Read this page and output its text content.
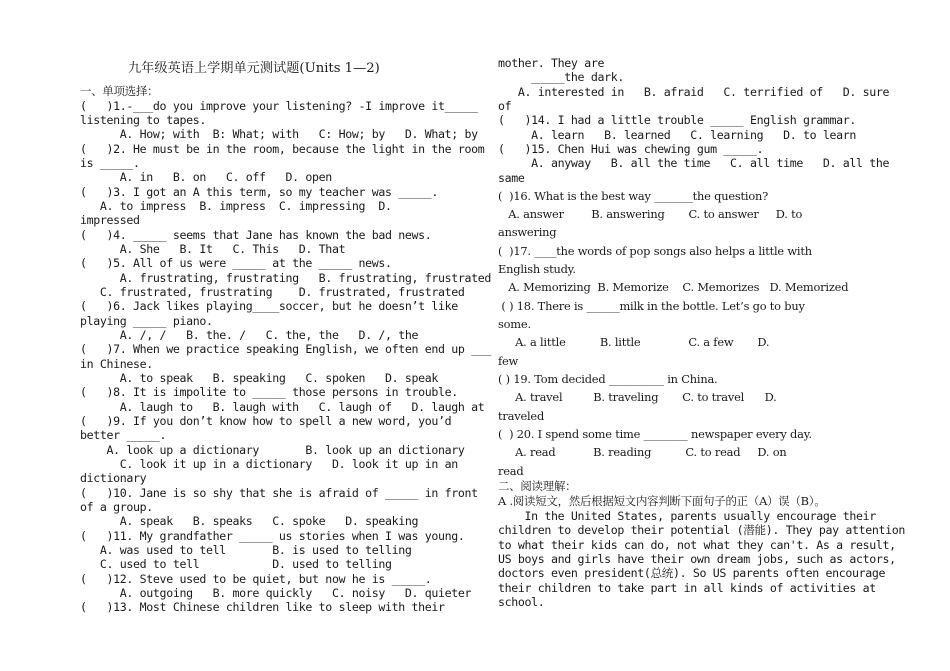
九年级英语上学期单元测试题(Units 1—2)
一、单项选择：
(   )1.-___do you improve your listening? -I improve it_____
listening to tapes.
A. How; with  B: What; with   C: How; by   D. What; by
(   )2. He must be in the room, because the light in the room
is _____.
A. in   B. on   C. off   D. open
(   )3. I got an A this term, so my teacher was _____.
A. to impress  B. impress  C. impressing  D.
impressed
(   )4. _____ seems that Jane has known the bad news.
A. She   B. It   C. This   D. That
(   )5. All of us were _____ at the _____ news.
A. frustrating, frustrating   B. frustrating, frustrated
C. frustrated, frustrating    D. frustrated, frustrated
(   )6. Jack likes playing____soccer, but he doesn’t like
playing _____ piano.
A. /, /   B. the. /   C. the, the   D. /, the
(   )7. When we practice speaking English, we often end up ___
in Chinese.
A. to speak   B. speaking   C. spoken   D. speak
(   )8. It is impolite to _____ those persons in trouble.
A. laugh to   B. laugh with   C. laugh of   D. laugh at
(   )9. If you don’t know how to spell a new word, you’d
better _____.
A. look up a dictionary       B. look up an dictionary
C. look it up in a dictionary   D. look it up in an
dictionary
(   )10. Jane is so shy that she is afraid of _____ in front
of a group.
A. speak   B. speaks   C. spoke   D. speaking
(   )11. My grandfather _____ us stories when I was young.
A. was used to tell       B. is used to telling
C. used to tell           D. used to telling
(   )12. Steve used to be quiet, but now he is _____.
A. outgoing   B. more quickly   C. noisy   D. quieter
(   )13. Most Chinese children like to sleep with their
mother. They are
_____the dark.
A. interested in   B. afraid   C. terrified of   D. sure
of
(   )14. I had a little trouble _____ English grammar.
A. learn   B. learned   C. learning   D. to learn
(   )15. Chen Hui was chewing gum _____.
A. anyway   B. all the time   C. all time   D. all the
same
(  )16. What is the best way _______the question?
A. answer        B. answering       C. to answer     D. to
answering
(  )17. ____the words of pop songs also helps a little with
English study.
A. Memorizing  B. Memorize    C. Memorizes   D. Memorized
( ) 18. There is ______milk in the bottle. Let’s go to buy
some.
A. a little          B. little              C. a few       D.
few
( ) 19. Tom decided __________ in China.
A. travel         B. traveling       C. to travel      D.
traveled
(  ) 20. I spend some time ________ newspaper every day.
A. read           B. reading          C. to read     D. on
read
二、阅读理解：
A .阅读短文，然后根据短文内容判断下面句子的正（A）误（B）。
In the United States, parents usually encourage their
children to develop their potential (潜能). They pay attention
to what their kids can do, not what they can't. As a result,
US boys and girls have their own dream jobs, such as actors,
doctors even president(总统). So US parents often encourage
their children to take part in all kinds of activities at
school.
